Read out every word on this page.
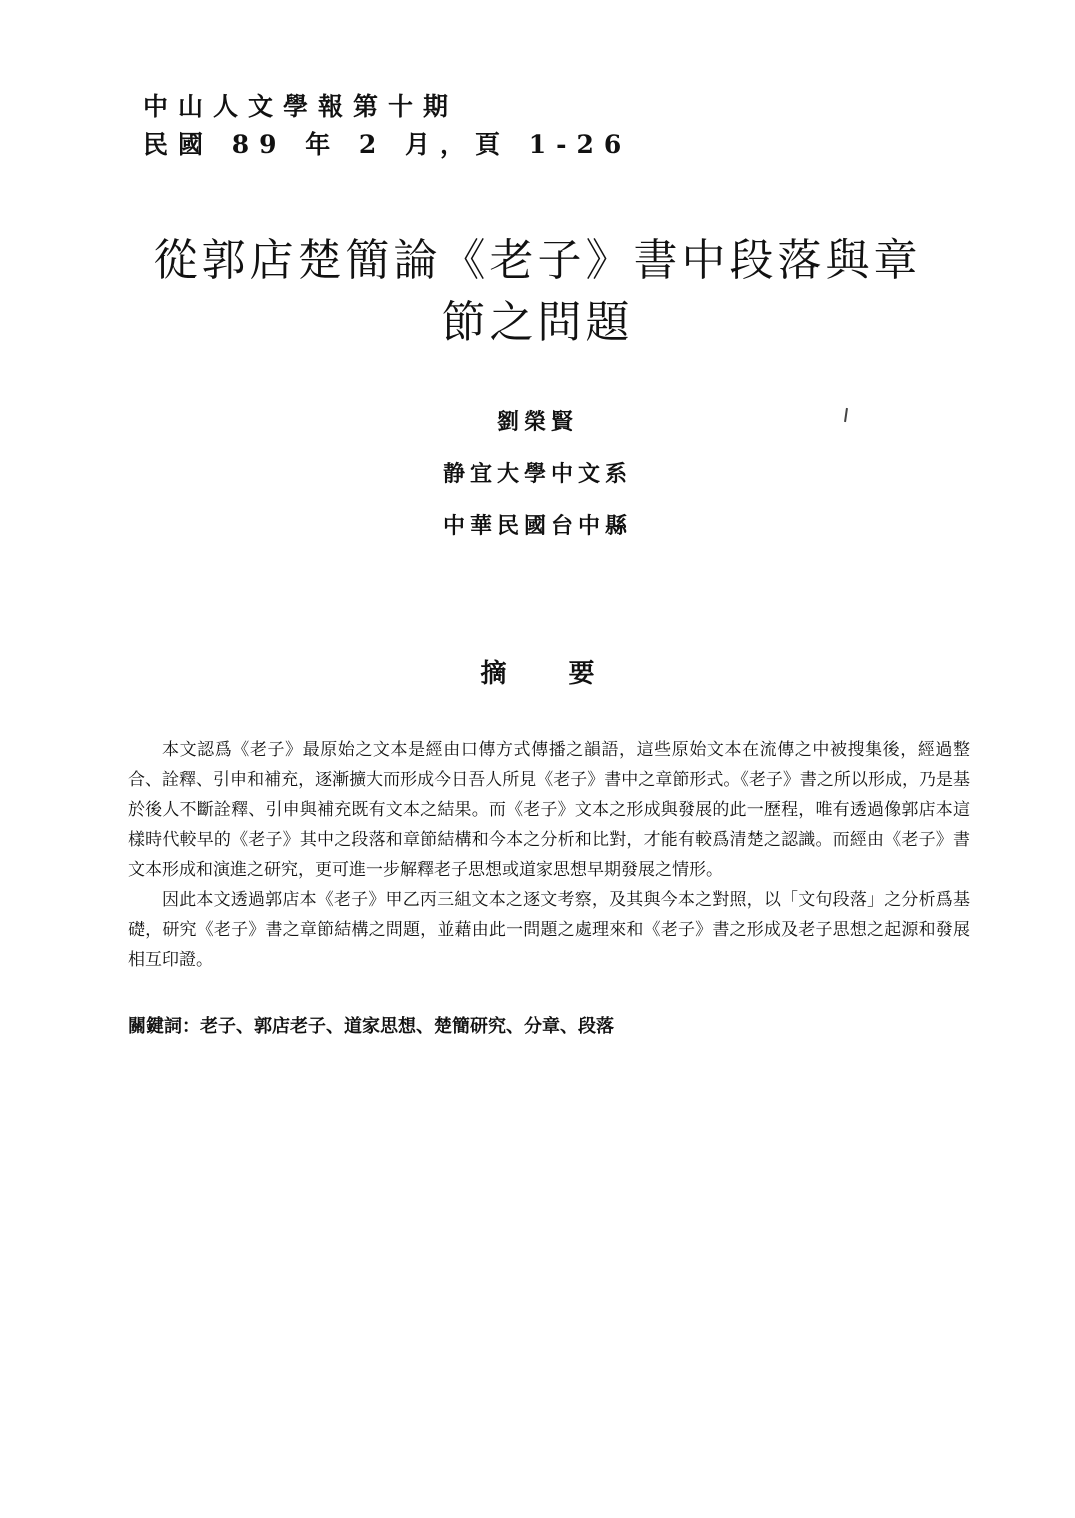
中山人文學報第十期
民國 89 年 2 月，頁 1-26
從郭店楚簡論《老子》書中段落與章
節之問題
劉榮賢
静宜大學中文系
中華民國台中縣
摘要

本文認爲《老子》最原始之文本是經由口傳方式傳播之韻語，這些原始文本在流傳之中被搜集後，經過整合、詮釋、引申和補充，逐漸擴大而形成今日吾人所見《老子》書中之章節形式。《老子》書之所以形成，乃是基於後人不斷詮釋、引申與補充既有文本之結果。而《老子》文本之形成與發展的此一歷程，唯有透過像郭店本這樣時代較早的《老子》其中之段落和章節結構和今本之分析和比對，才能有較爲清楚之認識。而經由《老子》書文本形成和演進之研究，更可進一步解釋老子思想或道家思想早期發展之情形。

因此本文透過郭店本《老子》甲乙丙三組文本之逐文考察，及其與今本之對照，以「文句段落」之分析爲基礎，研究《老子》書之章節結構之問題，並藉由此一問題之處理來和《老子》書之形成及老子思想之起源和發展相互印證。

關鍵詞：老子、郭店老子、道家思想、楚簡研究、分章、段落
